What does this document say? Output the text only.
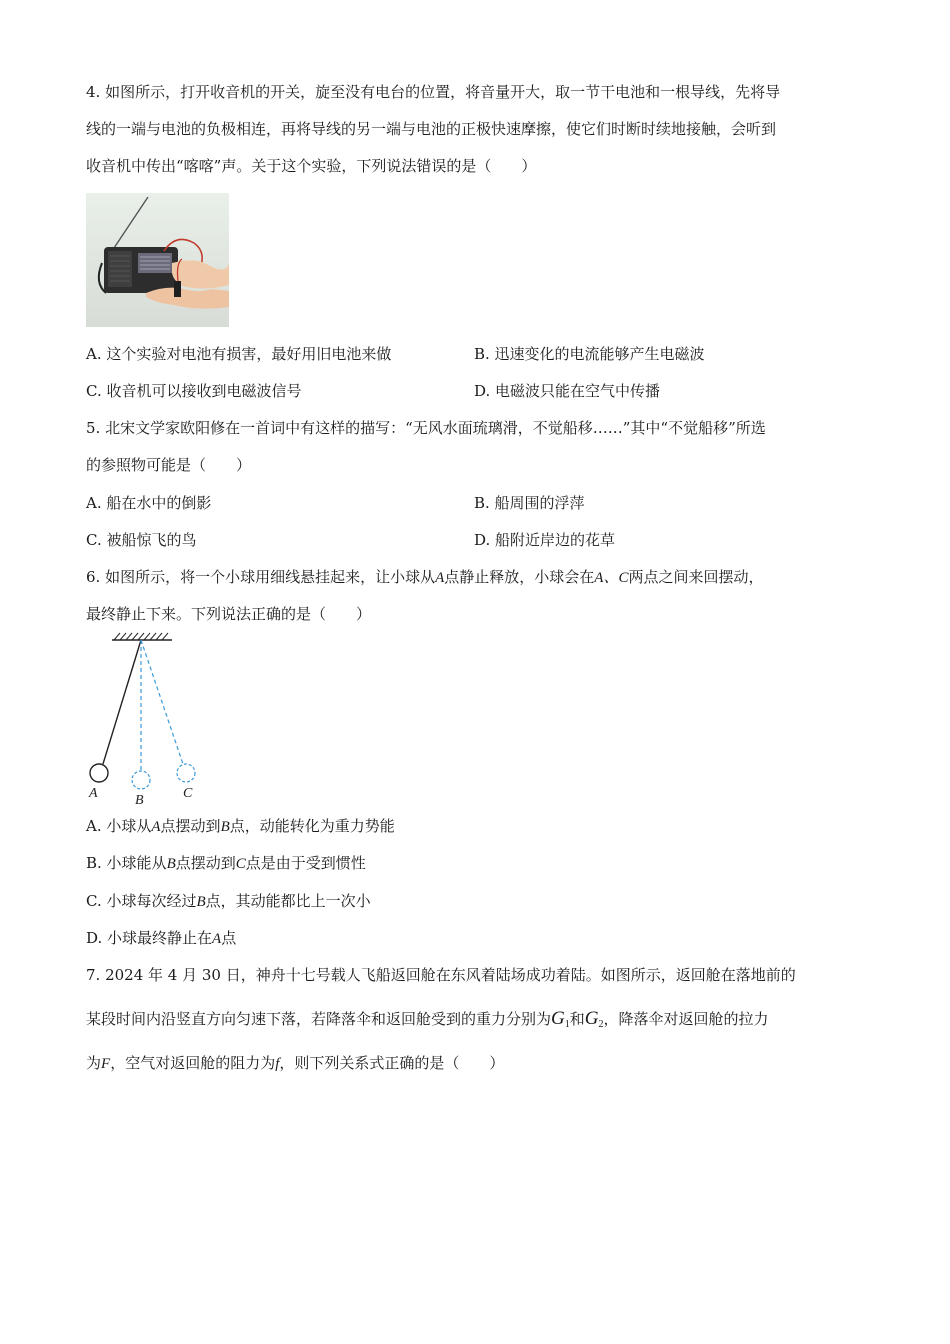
4. 如图所示，打开收音机的开关，旋至没有电台的位置，将音量开大，取一节干电池和一根导线，先将导
线的一端与电池的负极相连，再将导线的另一端与电池的正极快速摩擦，使它们时断时续地接触，会听到
收音机中传出“喀喀”声。关于这个实验，下列说法错误的是（　　）
A. 这个实验对电池有损害，最好用旧电池来做	B. 迅速变化的电流能够产生电磁波
C. 收音机可以接收到电磁波信号	D. 电磁波只能在空气中传播
5. 北宋文学家欧阳修在一首词中有这样的描写：“无风水面琉璃滑，不觉船移……”其中“不觉船移”所选
的参照物可能是（　　）
A. 船在水中的倒影	B. 船周围的浮萍
C. 被船惊飞的鸟	D. 船附近岸边的花草
6. 如图所示，将一个小球用细线悬挂起来，让小球从A点静止释放，小球会在A、C两点之间来回摆动，
最终静止下来。下列说法正确的是（　　）
A	B	C
A. 小球从A点摆动到B点，动能转化为重力势能
B. 小球能从B点摆动到C点是由于受到惯性
C. 小球每次经过B点，其动能都比上一次小
D. 小球最终静止在A点
7. 2024 年 4 月 30 日，神舟十七号载人飞船返回舱在东风着陆场成功着陆。如图所示，返回舱在落地前的
某段时间内沿竖直方向匀速下落，若降落伞和返回舱受到的重力分别为$G_1$和$G_2$，降落伞对返回舱的拉力
为F，空气对返回舱的阻力为f，则下列关系式正确的是（　　）
